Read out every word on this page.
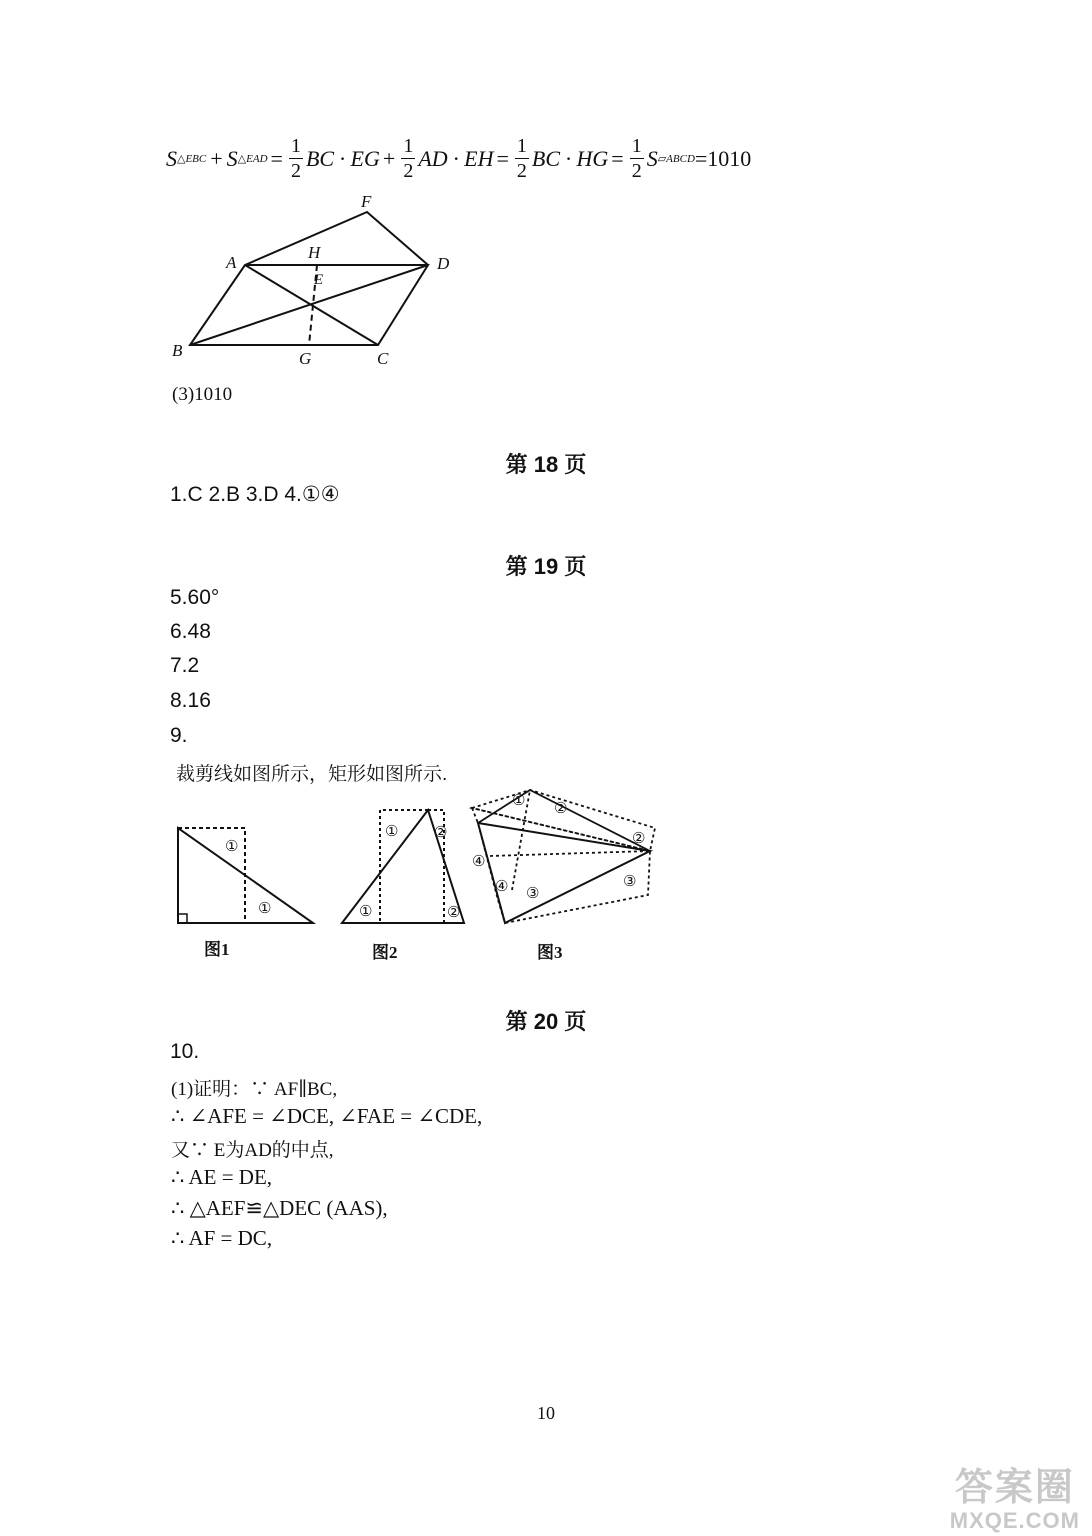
S △EBC + S △EAD = $\frac{1}{2}$ BC · EG + $\frac{1}{2}$ AD · EH = $\frac{1}{2}$ BC · HG = $\frac{1}{2}$ S ▱ABCD =1010
A
B	C
D
E
F
G
H
(3)1010
第 18 页
1.C 2.B 3.D 4.①④
第 19 页
5.60°
6.48
7.2
8.16
9.
裁剪线如图所示，矩形如图所示.
①
①
图1
①
①
②
②
图2
① ②
②
④
④ ③
③
图3
第 20 页
10.
(1)证明：∵ AF∥BC,
∴ ∠AFE = ∠DCE, ∠FAE = ∠CDE,
又∵ E为AD的中点,
∴ AE = DE,
∴ △AEF≌△DEC (AAS),
∴ AF = DC,
10
答案圈
MXQE.COM
